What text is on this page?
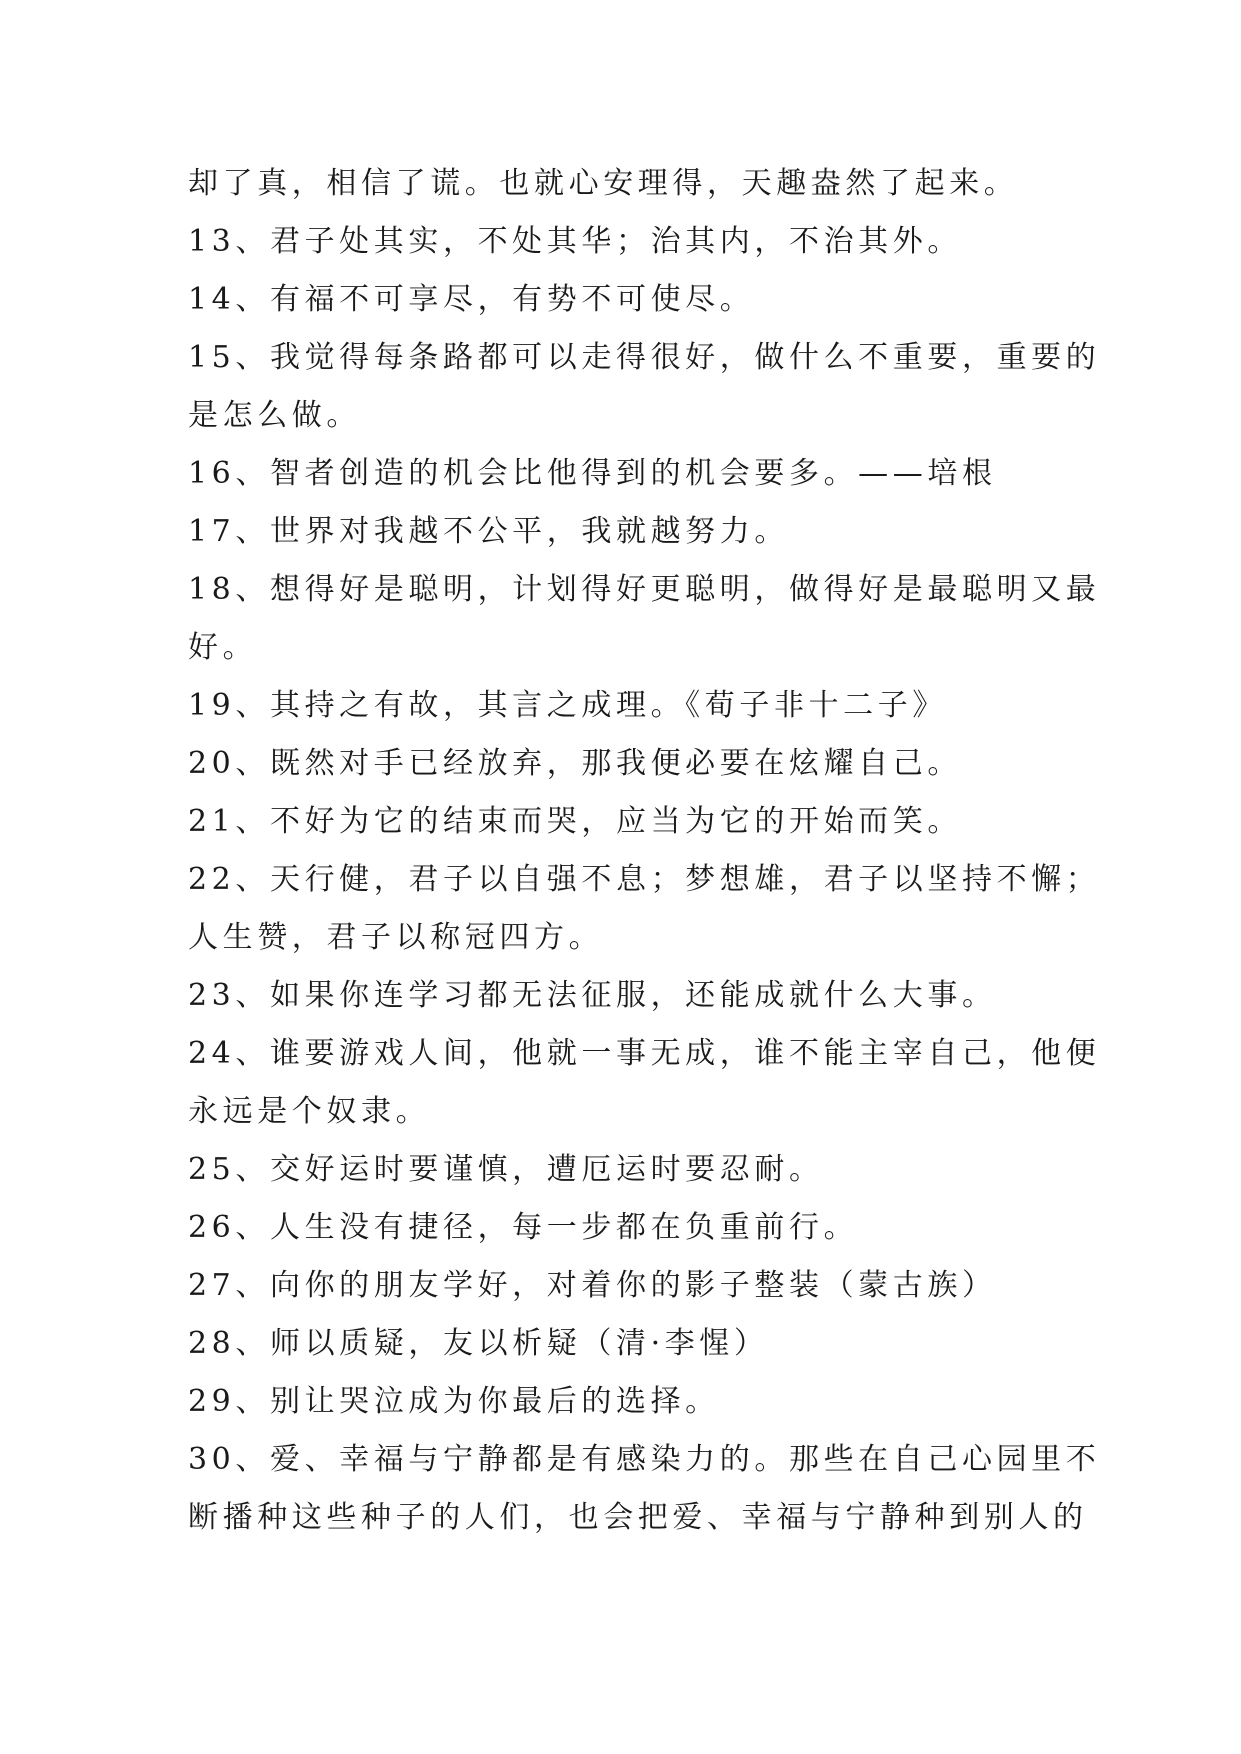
却了真，相信了谎。也就心安理得，天趣盎然了起来。
13、君子处其实，不处其华；治其内，不治其外。
14、有福不可享尽，有势不可使尽。
15、我觉得每条路都可以走得很好，做什么不重要，重要的
是怎么做。
16、智者创造的机会比他得到的机会要多。——培根
17、世界对我越不公平，我就越努力。
18、想得好是聪明，计划得好更聪明，做得好是最聪明又最
好。
19、其持之有故，其言之成理。《荀子非十二子》
20、既然对手已经放弃，那我便必要在炫耀自己。
21、不好为它的结束而哭，应当为它的开始而笑。
22、天行健，君子以自强不息；梦想雄，君子以坚持不懈；
人生赞，君子以称冠四方。
23、如果你连学习都无法征服，还能成就什么大事。
24、谁要游戏人间，他就一事无成，谁不能主宰自己，他便
永远是个奴隶。
25、交好运时要谨慎，遭厄运时要忍耐。
26、人生没有捷径，每一步都在负重前行。
27、向你的朋友学好，对着你的影子整装（蒙古族）
28、师以质疑，友以析疑（清·李惺）
29、别让哭泣成为你最后的选择。
30、爱、幸福与宁静都是有感染力的。那些在自己心园里不
断播种这些种子的人们，也会把爱、幸福与宁静种到别人的
